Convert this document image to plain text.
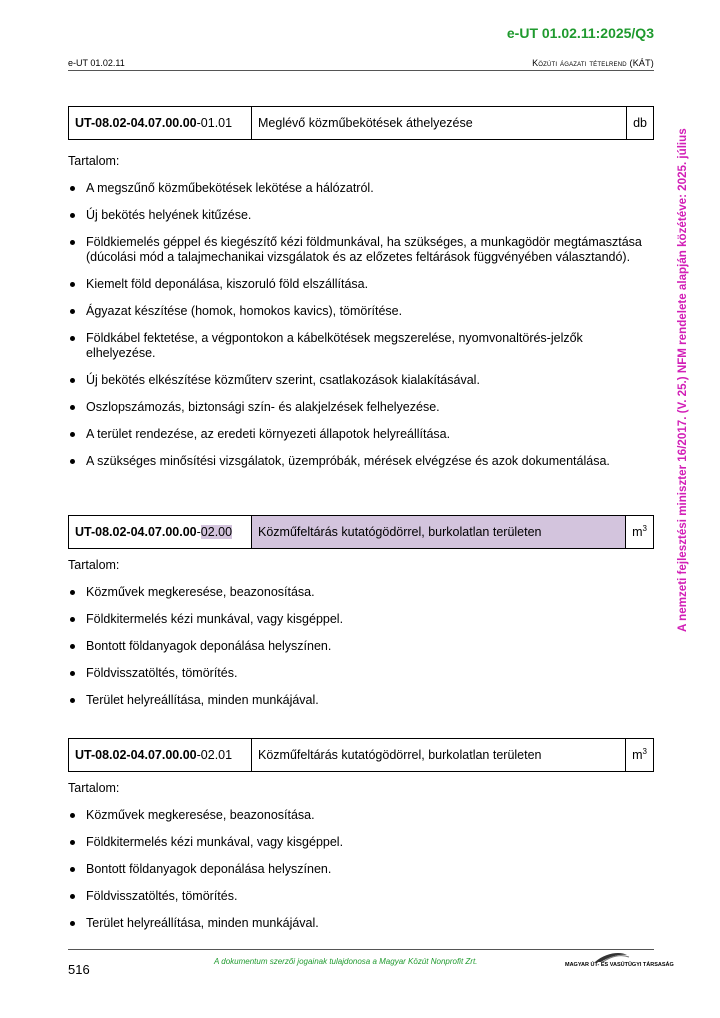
e-UT 01.02.11:2025/Q3
e-UT 01.02.11	Közúti ágazati tételrend (KÁT)
A nemzeti fejlesztési miniszter 16/2017. (V. 25.) NFM rendelete alapján közétéve: 2025. július
UT-08.02-04.07.00.00-01.01	Meglévő közműbekötések áthelyezése	db
Tartalom:
A megszűnő közműbekötések lekötése a hálózatról.
Új bekötés helyének kitűzése.
Földkiemelés géppel és kiegészítő kézi földmunkával, ha szükséges, a munkagödör megtámasztása (dúcolási mód a talajmechanikai vizsgálatok és az előzetes feltárások függvényében választandó).
Kiemelt föld deponálása, kiszoruló föld elszállítása.
Ágyazat készítése (homok, homokos kavics), tömörítése.
Földkábel fektetése, a végpontokon a kábelkötések megszerelése, nyomvonaltörés-jelzők elhelyezése.
Új bekötés elkészítése közműterv szerint, csatlakozások kialakításával.
Oszlopszámozás, biztonsági szín- és alakjelzések felhelyezése.
A terület rendezése, az eredeti környezeti állapotok helyreállítása.
A szükséges minősítési vizsgálatok, üzempróbák, mérések elvégzése és azok dokumentálása.
UT-08.02-04.07.00.00-02.00	Közműfeltárás kutatógödörrel, burkolatlan területen	$m^3$
Tartalom:
Közművek megkeresése, beazonosítása.
Földkitermelés kézi munkával, vagy kisgéppel.
Bontott földanyagok deponálása helyszínen.
Földvisszatöltés, tömörítés.
Terület helyreállítása, minden munkájával.
UT-08.02-04.07.00.00-02.01	Közműfeltárás kutatógödörrel, burkolatlan területen	$m^3$
Tartalom:
Közművek megkeresése, beazonosítása.
Földkitermelés kézi munkával, vagy kisgéppel.
Bontott földanyagok deponálása helyszínen.
Földvisszatöltés, tömörítés.
Terület helyreállítása, minden munkájával.
516
A dokumentum szerzői jogainak tulajdonosa a Magyar Közút Nonprofit Zrt.	MAGYAR ÚT- ÉS VASÚTÜGYI TÁRSASÁG
